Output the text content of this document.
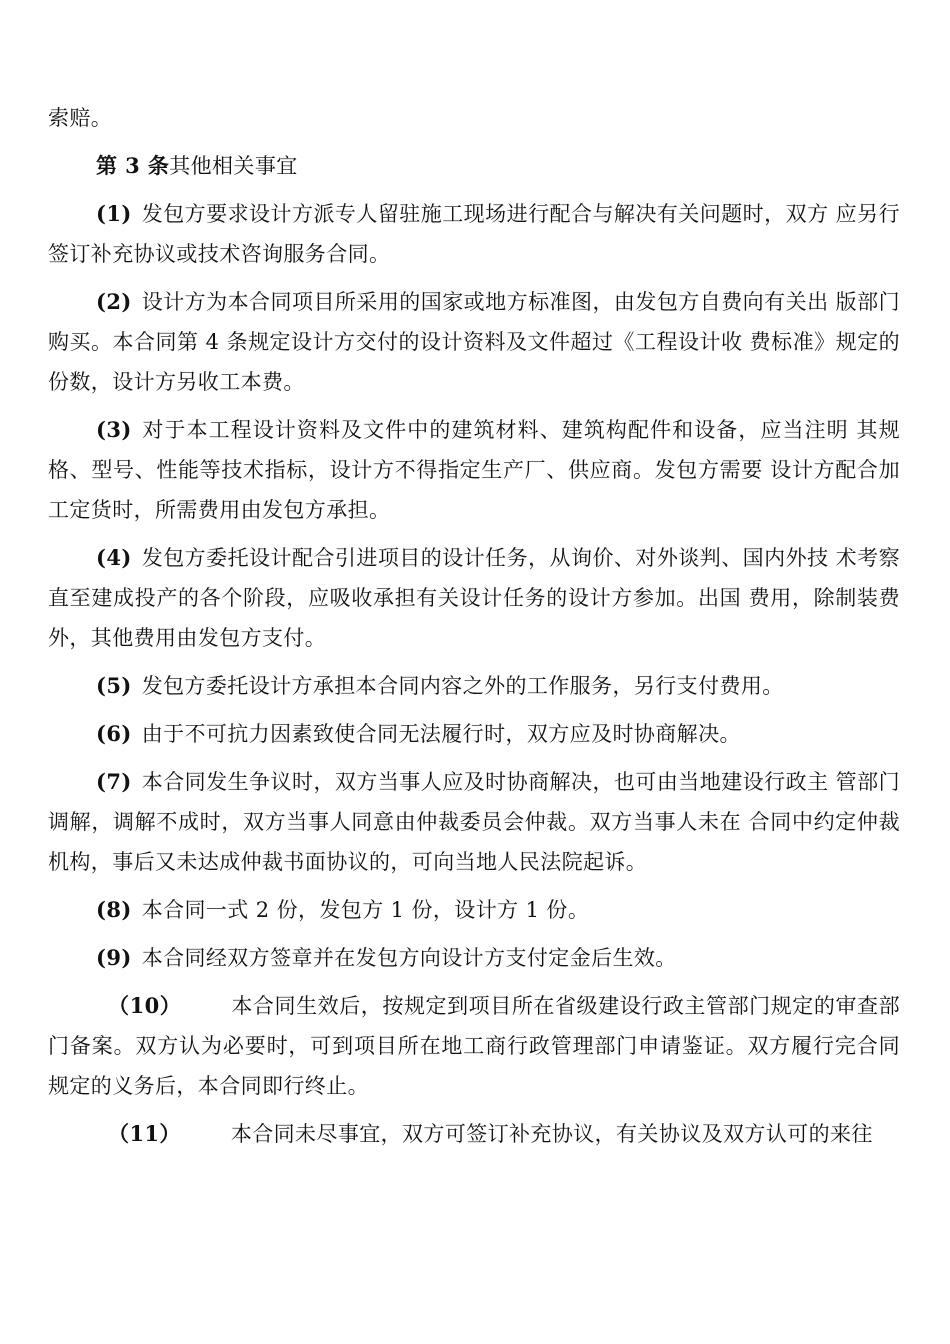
索赔。

第 3 条其他相关事宜

(1) 发包方要求设计方派专人留驻施工现场进行配合与解决有关问题时，双方 应另行签订补充协议或技术咨询服务合同。

(2) 设计方为本合同项目所采用的国家或地方标准图，由发包方自费向有关出 版部门购买。本合同第 4 条规定设计方交付的设计资料及文件超过《工程设计收 费标准》规定的份数，设计方另收工本费。

(3) 对于本工程设计资料及文件中的建筑材料、建筑构配件和设备，应当注明 其规格、型号、性能等技术指标，设计方不得指定生产厂、供应商。发包方需要 设计方配合加工定货时，所需费用由发包方承担。

(4) 发包方委托设计配合引进项目的设计任务，从询价、对外谈判、国内外技 术考察直至建成投产的各个阶段，应吸收承担有关设计任务的设计方参加。出国 费用，除制装费外，其他费用由发包方支付。

(5) 发包方委托设计方承担本合同内容之外的工作服务，另行支付费用。

(6) 由于不可抗力因素致使合同无法履行时，双方应及时协商解决。

(7) 本合同发生争议时，双方当事人应及时协商解决，也可由当地建设行政主 管部门调解，调解不成时，双方当事人同意由仲裁委员会仲裁。双方当事人未在 合同中约定仲裁机构，事后又未达成仲裁书面协议的，可向当地人民法院起诉。

(8) 本合同一式 2 份，发包方 1 份，设计方 1 份。

(9) 本合同经双方签章并在发包方向设计方支付定金后生效。

（10） 本合同生效后，按规定到项目所在省级建设行政主管部门规定的审查部 门备案。双方认为必要时，可到项目所在地工商行政管理部门申请鉴证。双方履行完合同规定的义务后，本合同即行终止。

（11） 本合同未尽事宜，双方可签订补充协议，有关协议及双方认可的来往
